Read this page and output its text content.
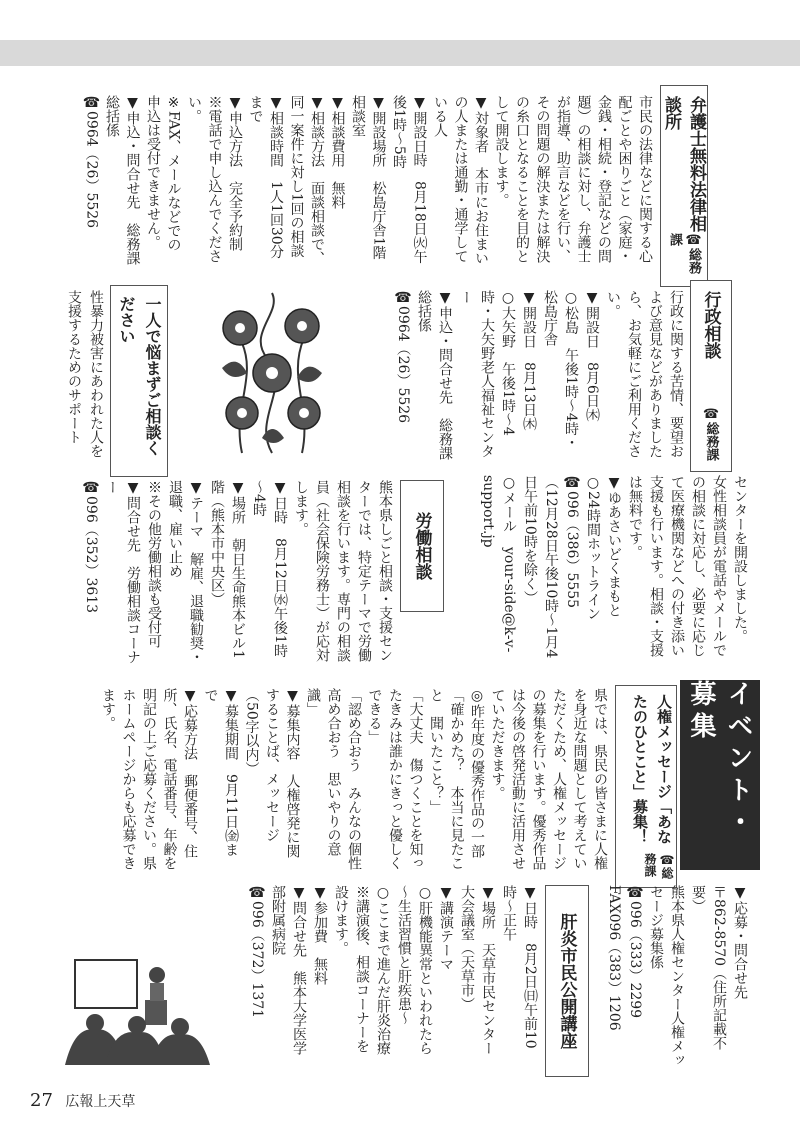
弁護士無料法律相談所
☎総務課
市民の法律などに関する心配ごとや困りごと（家庭・金銭・相続・登記などの問題）の相談に対し、弁護士が指導、助言などを行い、その問題の解決または解決の糸口となることを目的として開設します。
▼対象者　本市にお住まいの人または通勤・通学している人
▼開設日時　8月18日㈫午後1時～5時
▼開設場所　松島庁舎1階相談室
▼相談費用　無料
▼相談方法　面談相談で、同一案件に対し1回の相談
▼相談時間　1人1回30分まで
▼申込方法　完全予約制
※電話で申し込んでください。
※FAX、メールなどでの申込は受付できません。
▼申込・問合せ先　総務課総括係
☎0964（26）5526
行政相談
☎総務課
行政に関する苦情、要望および意見などがありましたら、お気軽にご利用ください。
▼開設日　8月6日㈭
○松島　午後1時～4時・松島庁舎
▼開設日　8月13日㈭
○大矢野　午後1時～4時・大矢野老人福祉センター
▼申込・問合せ先　総務課総括係
☎0964（26）5526
一人で悩まずご相談ください
性暴力被害にあわれた人を支援するためのサポート
センターを開設しました。
女性相談員が電話やメールでの相談に対応し、必要に応じて医療機関などへの付き添い支援も行います。相談・支援は無料です。
▼ゆあさいどくまもと
○24時間ホットライン
☎096（386）5555
（12月28日午後10時～1月4日午前10時を除く）
○メール　your-side@k-v-support.jp
労働相談
熊本県しごと相談・支援センターでは、特定テーマで労働相談を行います。専門の相談員（社会保険労務士）が応対します。
▼日時　8月12日㈬午後1時～4時
▼場所　朝日生命熊本ビル1階（熊本市中央区）
▼テーマ　解雇、退職勧奨・退職、雇い止め
※その他労働相談も受付可
▼問合せ先　労働相談コーナー
☎096（352）3613
イベント・募集
人権メッセージ「あなたのひとこと」募集！
☎総務課
県では、県民の皆さまに人権を身近な問題として考えていただくため、人権メッセージの募集を行います。優秀作品は今後の啓発活動に活用させていただきます。
◎昨年度の優秀作品の一部
「確かめた？　本当に見たこと　聞いたこと？」
「大丈夫　傷つくことを知ったきみは誰かにきっと優しくできる」
「認め合おう　みんなの個性　高め合おう　思いやりの意識」
▼募集内容　人権啓発に関することば、メッセージ（50字以内）
▼募集期間　9月11日㈮まで
▼応募方法　郵便番号、住所、氏名、電話番号、年齢を明記の上ご応募ください。県ホームページからも応募できます。
▼応募・問合せ先
〒862-8570（住所記載不要）
熊本県人権センター人権メッセージ募集係
☎096（333）2299
FAX096（383）1206
肝炎市民公開講座
▼日時　8月2日㈰午前10時～正午
▼場所　天草市民センター大会議室（天草市）
▼講演テーマ
○肝機能異常といわれたら～生活習慣と肝疾患～
○ここまで進んだ肝炎治療
※講演後、相談コーナーを設けます。
▼参加費　無料
▼問合せ先　熊本大学医学部附属病院
☎096（372）1371
27 広報上天草
